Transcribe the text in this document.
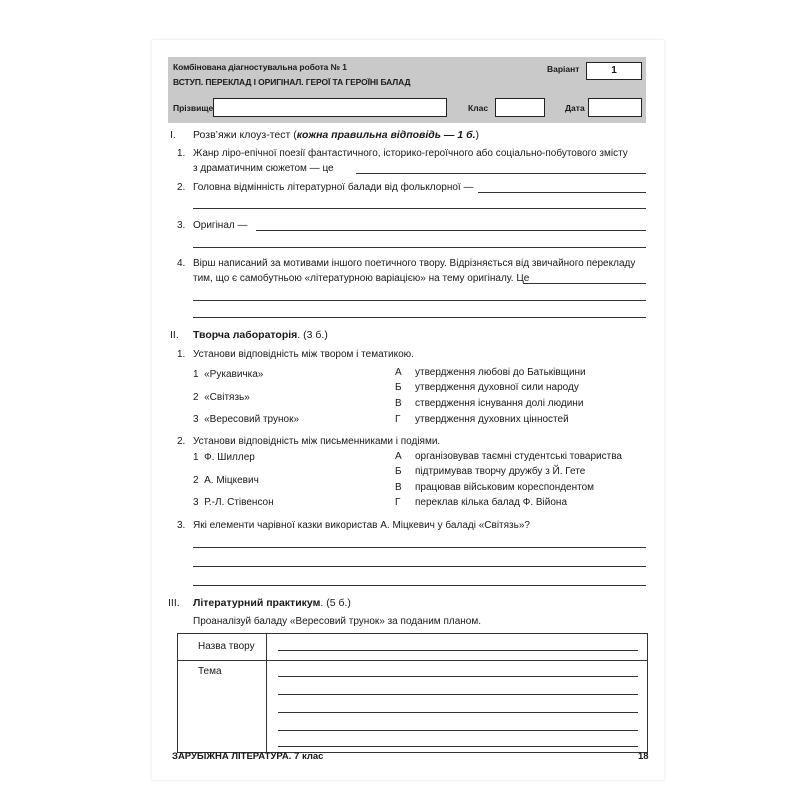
Комбінована діагностувальна робота № 1
ВСТУП. ПЕРЕКЛАД І ОРИГІНАЛ. ГЕРОЇ ТА ГЕРОЇНІ БАЛАД
Варіант	1
Прізвище	Клас	Дата
I. Розв’яжи клоуз-тест (кожна правильна відповідь — 1 б.)
1. Жанр ліро-епічної поезії фантастичного, історико-героїчного або соціально-побутового змісту
з драматичним сюжетом — це
2. Головна відмінність літературної балади від фольклорної —
3. Оригінал —
4. Вірш написаний за мотивами іншого поетичного твору. Відрізняється від звичайного перекладу
тим, що є самобутньою «літературною варіацією» на тему оригіналу. Це
II. Творча лабораторія. (3 б.)
1. Установи відповідність між твором і тематикою.
1 «Рукавичка»
2 «Світязь»
3 «Вересовий трунок»
А утвердження любові до Батьківщини
Б утвердження духовної сили народу
В ствердження існування долі людини
Г утвердження духовних цінностей
2. Установи відповідність між письменниками і подіями.
1 Ф. Шиллер
2 А. Міцкевич
3 Р.-Л. Стівенсон
А організовував таємні студентські товариства
Б підтримував творчу дружбу з Й. Гете
В працював військовим кореспондентом
Г переклав кілька балад Ф. Війона
3. Які елементи чарівної казки використав А. Міцкевич у баладі «Світязь»?
III. Літературний практикум. (5 б.)
Проаналізуй баладу «Вересовий трунок» за поданим планом.
Назва твору
Тема
ЗАРУБІЖНА ЛІТЕРАТУРА. 7 клас	18
